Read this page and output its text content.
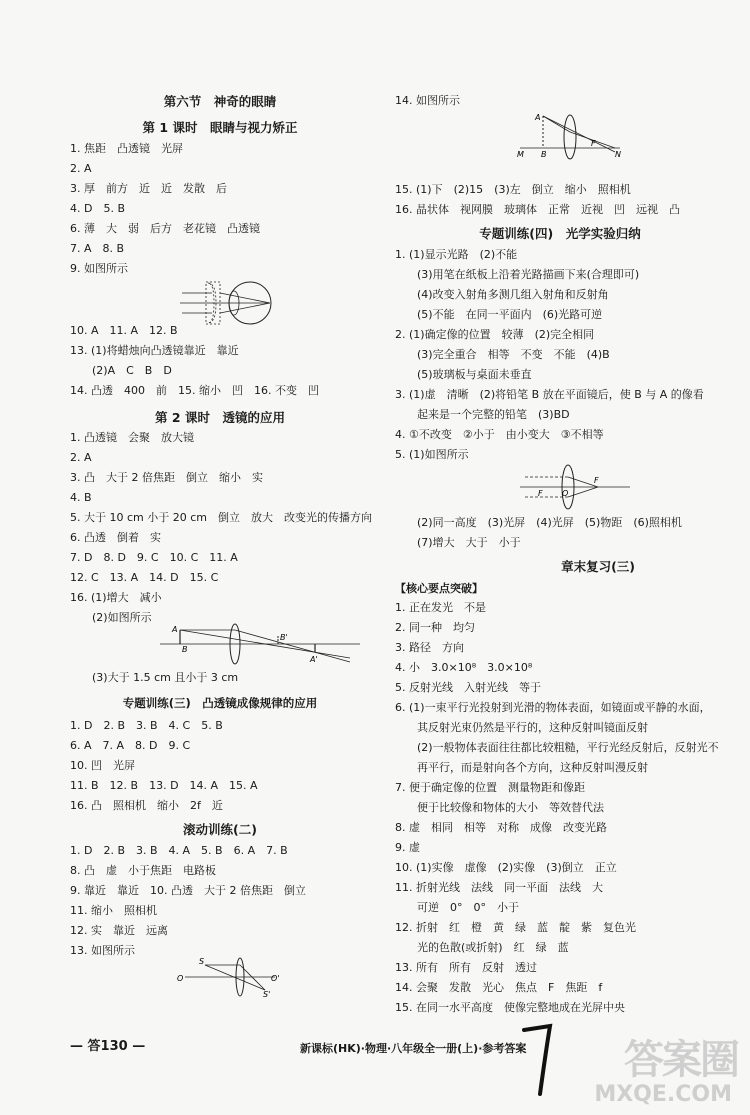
第六节　神奇的眼睛
第 1 课时　眼睛与视力矫正
1. 焦距　凸透镜　光屏
2. A
3. 厚　前方　近　近　发散　后
4. D　5. B
6. 薄　大　弱　后方　老花镜　凸透镜
7. A　8. B
9. 如图所示
10. A　11. A　12. B
13. (1)将蜡烛向凸透镜靠近　靠近
　　(2)A　C　B　D
14. 凸透　400　前　15. 缩小　凹　16. 不变　凹
第 2 课时　透镜的应用
1. 凸透镜　会聚　放大镜
2. A
3. 凸　大于 2 倍焦距　倒立　缩小　实
4. B
5. 大于 10 cm 小于 20 cm　倒立　放大　改变光的传播方向
6. 凸透　倒着　实
7. D　8. D　9. C　10. C　11. A
12. C　13. A　14. D　15. C
16. (1)增大　减小
　　(2)如图所示
A
B
A'
B'
　　(3)大于 1.5 cm 且小于 3 cm
专题训练(三)　凸透镜成像规律的应用
1. D　2. B　3. B　4. C　5. B
6. A　7. A　8. D　9. C
10. 凹　光屏
11. B　12. B　13. D　14. A　15. A
16. 凸　照相机　缩小　2f　近
滚动训练(二)
1. D　2. B　3. B　4. A　5. B　6. A　7. B
8. 凸　虚　小于焦距　电路板
9. 靠近　靠近　10. 凸透　大于 2 倍焦距　倒立
11. 缩小　照相机
12. 实　靠近　远离
13. 如图所示
S
O	O'
S'
14. 如图所示
A
F
M B	N
15. (1)下　(2)15　(3)左　倒立　缩小　照相机
16. 晶状体　视网膜　玻璃体　正常　近视　凹　远视　凸
专题训练(四)　光学实验归纳
1. (1)显示光路　(2)不能
　　(3)用笔在纸板上沿着光路描画下来(合理即可)
　　(4)改变入射角多测几组入射角和反射角
　　(5)不能　在同一平面内　(6)光路可逆
2. (1)确定像的位置　较薄　(2)完全相同
　　(3)完全重合　相等　不变　不能　(4)B
　　(5)玻璃板与桌面未垂直
3. (1)虚　清晰　(2)将铅笔 B 放在平面镜后，使 B 与 A 的像看
　　起来是一个完整的铅笔　(3)BD
4. ①不改变　②小于　由小变大　③不相等
5. (1)如图所示
F O
F
　　(2)同一高度　(3)光屏　(4)光屏　(5)物距　(6)照相机
　　(7)增大　大于　小于
章末复习(三)
【核心要点突破】
1. 正在发光　不是
2. 同一种　均匀
3. 路径　方向
4. 小　3.0×10⁸　3.0×10⁸
5. 反射光线　入射光线　等于
6. (1)一束平行光投射到光滑的物体表面，如镜面或平静的水面，
　　其反射光束仍然是平行的，这种反射叫镜面反射
　　(2)一般物体表面往往都比较粗糙，平行光经反射后，反射光不
　　再平行，而是射向各个方向，这种反射叫漫反射
7. 便于确定像的位置　测量物距和像距
　　便于比较像和物体的大小　等效替代法
8. 虚　相同　相等　对称　成像　改变光路
9. 虚
10. (1)实像　虚像　(2)实像　(3)倒立　正立
11. 折射光线　法线　同一平面　法线　大
　　可逆　0°　0°　小于
12. 折射　红　橙　黄　绿　蓝　靛　紫　复色光
　　光的色散(或折射)　红　绿　蓝
13. 所有　所有　反射　透过
14. 会聚　发散　光心　焦点　F　焦距　f
15. 在同一水平高度　使像完整地成在光屏中央
— 答130 —	新课标(HK)·物理·八年级全一册(上)·参考答案 答案圈
MXQE.COM
